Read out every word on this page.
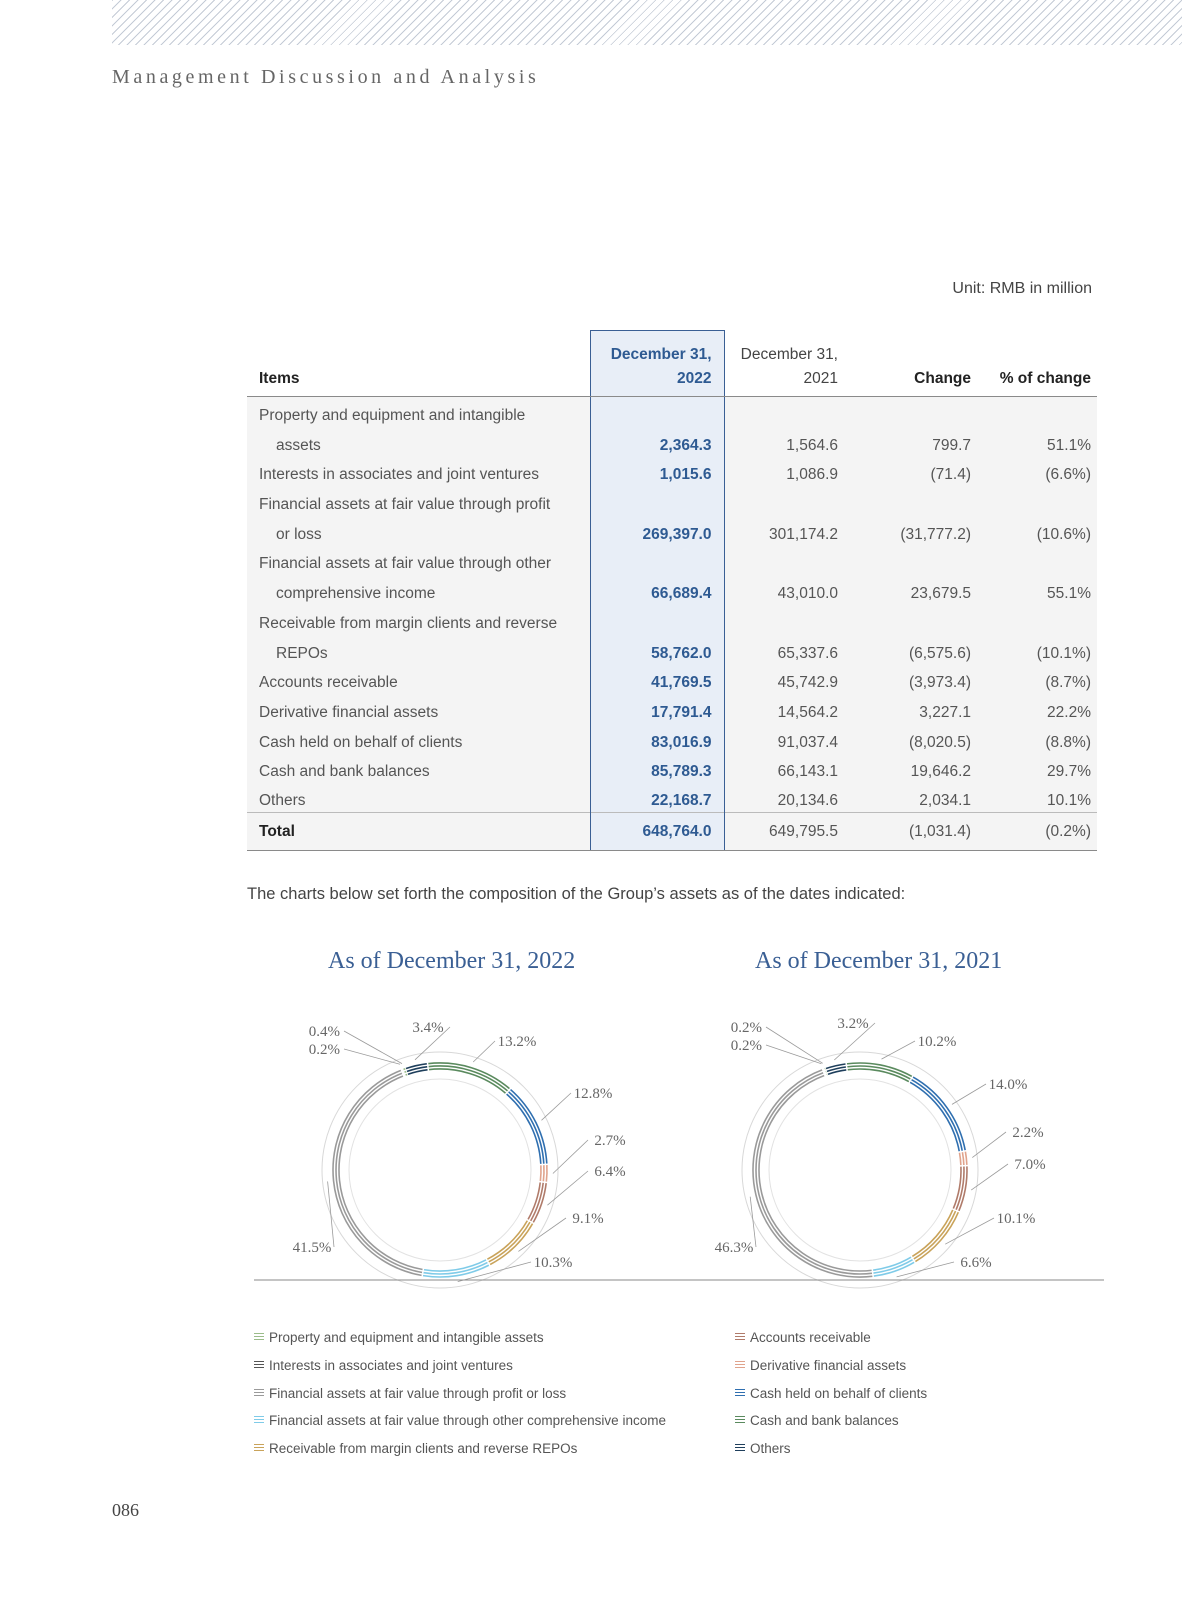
Management Discussion and Analysis
Unit: RMB in million
	December 31,	December 31,		
Items	2022	2021	Change	% of change
Property and equipment and intangible				
assets	2,364.3	1,564.6	799.7	51.1%
Interests in associates and joint ventures	1,015.6	1,086.9	(71.4)	(6.6%)
Financial assets at fair value through profit				
or loss	269,397.0	301,174.2	(31,777.2)	(10.6%)
Financial assets at fair value through other				
comprehensive income	66,689.4	43,010.0	23,679.5	55.1%
Receivable from margin clients and reverse				
REPOs	58,762.0	65,337.6	(6,575.6)	(10.1%)
Accounts receivable	41,769.5	45,742.9	(3,973.4)	(8.7%)
Derivative financial assets	17,791.4	14,564.2	3,227.1	22.2%
Cash held on behalf of clients	83,016.9	91,037.4	(8,020.5)	(8.8%)
Cash and bank balances	85,789.3	66,143.1	19,646.2	29.7%
Others	22,168.7	20,134.6	2,034.1	10.1%
Total	648,764.0	649,795.5	(1,031.4)	(0.2%)
The charts below set forth the composition of the Group’s assets as of the dates indicated:
As of December 31, 2022	As of December 31, 2021
3.4%
13.2%
12.8%
2.7%
6.4%
9.1%
10.3%
41.5%
0.2%
0.4%	3.2%
10.2%
14.0%
2.2%
7.0%
10.1%
6.6%
46.3%
0.2%
0.2%
Property and equipment and intangible assets
Interests in associates and joint ventures
Financial assets at fair value through profit or loss
Financial assets at fair value through other comprehensive income
Receivable from margin clients and reverse REPOs
Accounts receivable
Derivative financial assets
Cash held on behalf of clients
Cash and bank balances
Others
086
